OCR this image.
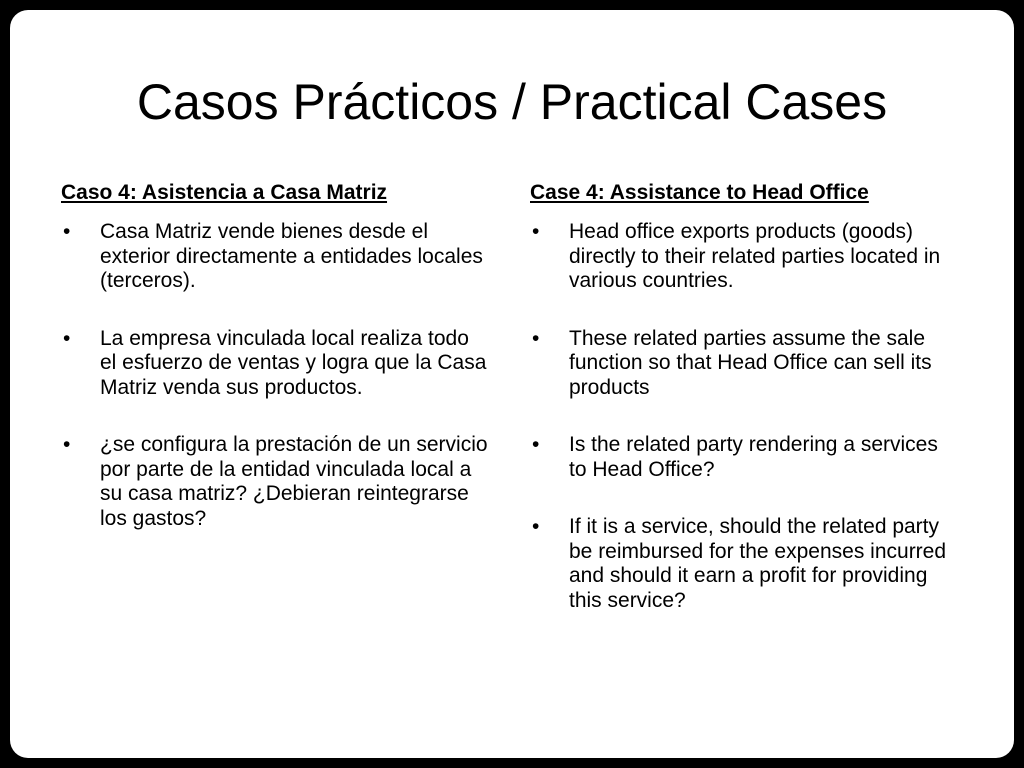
Casos Prácticos / Practical Cases
Caso 4: Asistencia a Casa Matriz
• Casa Matriz vende bienes desde el exterior directamente a entidades locales (terceros).
• La empresa vinculada local realiza todo el esfuerzo de ventas y logra que la Casa Matriz venda sus productos.
• ¿se configura la prestación de un servicio por parte de la entidad vinculada local a su casa matriz? ¿Debieran reintegrarse los gastos?
Case 4: Assistance to Head Office
• Head office exports products (goods) directly to their related parties located in various countries.
• These related parties assume the sale function so that Head Office can sell its products
• Is the related party rendering a services to Head Office?
• If it is a service, should the related party be reimbursed for the expenses incurred and should it earn a profit for providing this service?
